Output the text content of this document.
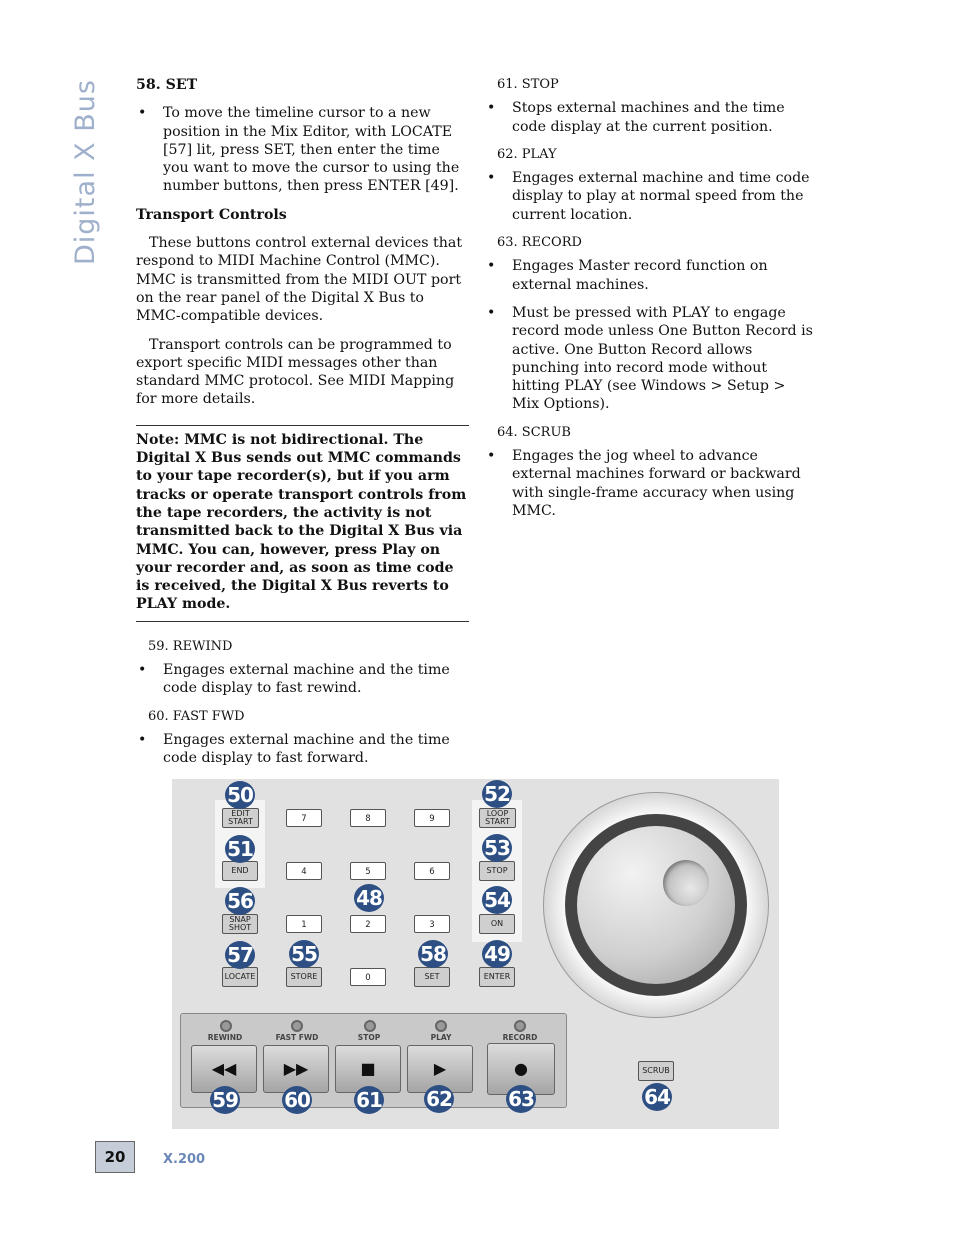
Digital X Bus	58. SET

• To move the timeline cursor to a new position in the Mix Editor, with LOCATE [57] lit, press SET, then enter the time you want to move the cursor to using the number buttons, then press ENTER [49].

Transport Controls

These buttons control external devices that respond to MIDI Machine Control (MMC). MMC is transmitted from the MIDI OUT port on the rear panel of the Digital X Bus to MMC-compatible devices.

Transport controls can be programmed to export specific MIDI messages other than standard MMC protocol. See MIDI Mapping for more details.

Note: MMC is not bidirectional. The Digital X Bus sends out MMC commands to your tape recorder(s), but if you arm tracks or operate transport controls from the tape recorders, the activity is not transmitted back to the Digital X Bus via MMC. You can, however, press Play on your recorder and, as soon as time code is received, the Digital X Bus reverts to PLAY mode.

59. REWIND

• Engages external machine and the time code display to fast rewind.

60. FAST FWD

• Engages external machine and the time code display to fast forward.

61. STOP

• Stops external machines and the time code display at the current position.

62. PLAY

• Engages external machine and time code display to play at normal speed from the current location.

63. RECORD

• Engages Master record function on external machines.

• Must be pressed with PLAY to engage record mode unless One Button Record is active. One Button Record allows punching into record mode without hitting PLAY (see Windows > Setup > Mix Options).

64. SCRUB

• Engages the jog wheel to advance external machines forward or backward with single-frame accuracy when using MMC.

7	8	9
4	5	6
1	2	3
0
EDIT START
END
SNAP SHOT
LOCATE	STORE	SET	ENTER
LOOP START
STOP
ON
SCRUB
REWIND	FAST FWD	STOP	PLAY	RECORD
◀◀	▶▶	■	▶	●
50
51
56
57 55
48
58
52
53
54
49
59 60 61 62	63	64
20	X.200
